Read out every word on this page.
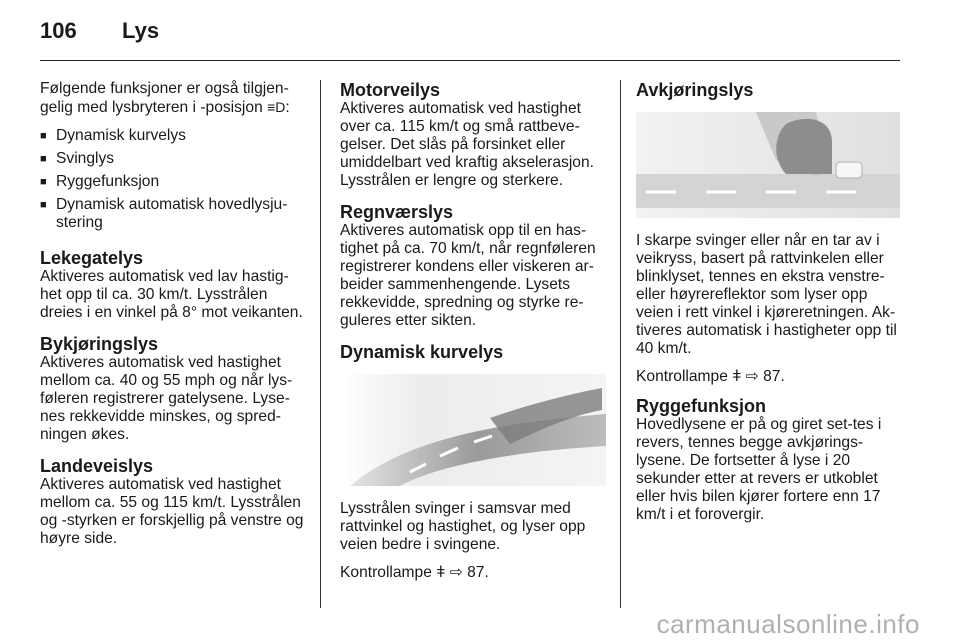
106	Lys

Følgende funksjoner er også tilgjen-gelig med lysbryteren i -posisjon ≡D:

■ Dynamisk kurvelys
■ Svinglys
■ Ryggefunksjon
■ Dynamisk automatisk hovedlysju-stering
Lekegatelys

Aktiveres automatisk ved lav hastig-het opp til ca. 30 km/t. Lysstrålen dreies i en vinkel på 8° mot veikanten.

Bykjøringslys

Aktiveres automatisk ved hastighet mellom ca. 40 og 55 mph og når lys-føleren registrerer gatelysene. Lyse-nes rekkevidde minskes, og spred-ningen økes.

Landeveislys

Aktiveres automatisk ved hastighet mellom ca. 55 og 115 km/t. Lysstrålen og -styrken er forskjellig på venstre og høyre side.

Motorveilys

Aktiveres automatisk ved hastighet over ca. 115 km/t og små rattbeve-gelser. Det slås på forsinket eller umiddelbart ved kraftig akselerasjon. Lysstrålen er lengre og sterkere.

Regnværslys

Aktiveres automatisk opp til en has-tighet på ca. 70 km/t, når regnføleren registrerer kondens eller viskeren ar-beider sammenhengende. Lysets rekkevidde, spredning og styrke re-guleres etter sikten.

Dynamisk kurvelys

Lysstrålen svinger i samsvar med rattvinkel og hastighet, og lyser opp veien bedre i svingene.

Kontrollampe ǂ ⇨ 87.

Avkjøringslys

I skarpe svinger eller når en tar av i veikryss, basert på rattvinkelen eller blinklyset, tennes en ekstra venstre- eller høyrereflektor som lyser opp veien i rett vinkel i kjøreretningen. Ak-tiveres automatisk i hastigheter opp til 40 km/t.

Kontrollampe ǂ ⇨ 87.

Ryggefunksjon

Hovedlysene er på og giret set-tes i revers, tennes begge avkjørings-lysene. De fortsetter å lyse i 20 sekunder etter at revers er utkoblet eller hvis bilen kjører fortere enn 17 km/t i et forovergir.

carmanualsonline.info
